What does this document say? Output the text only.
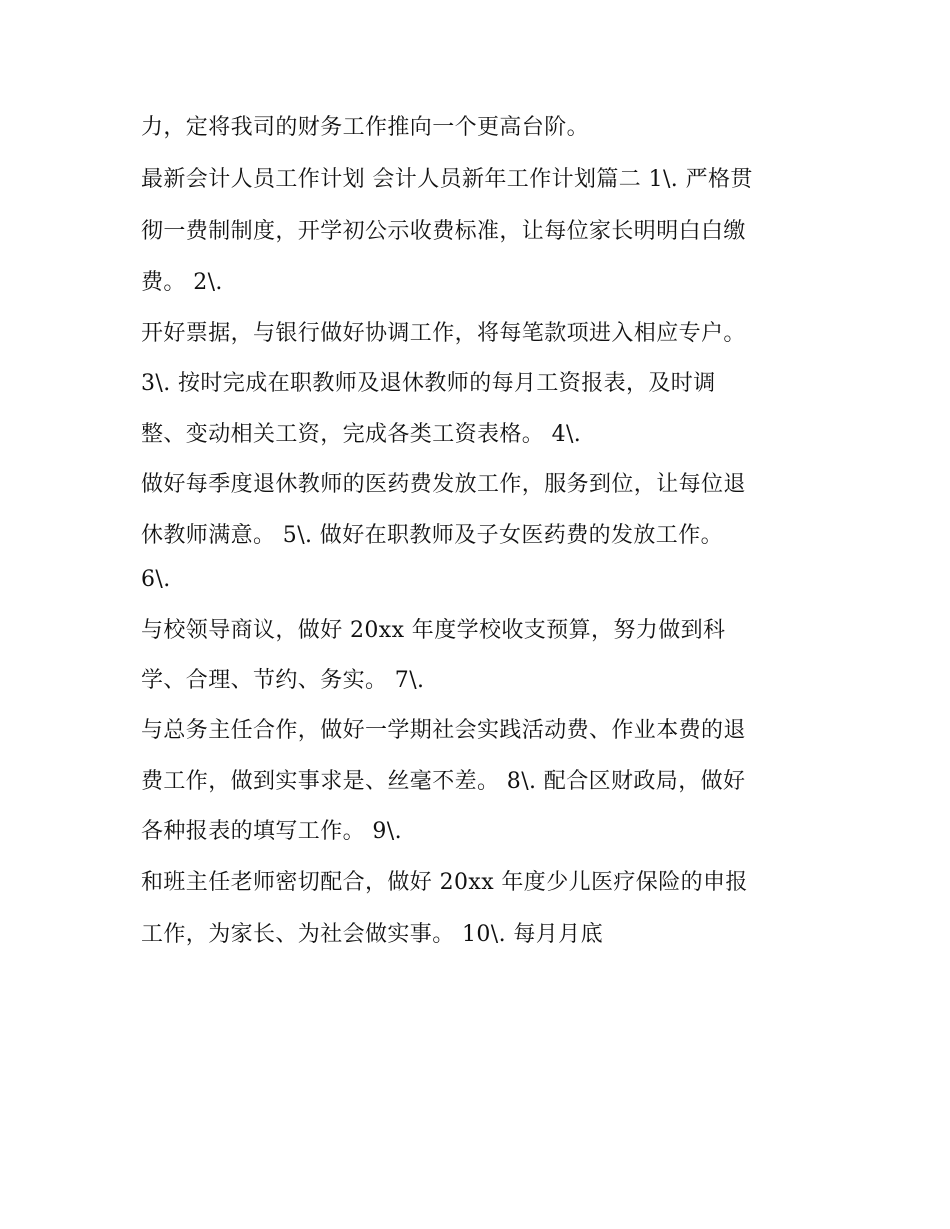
力，定将我司的财务工作推向一个更高台阶。
最新会计人员工作计划 会计人员新年工作计划篇二 1\. 严格贯
彻一费制制度，开学初公示收费标准，让每位家长明明白白缴
费。 2\.
开好票据，与银行做好协调工作，将每笔款项进入相应专户。
3\. 按时完成在职教师及退休教师的每月工资报表，及时调
整、变动相关工资，完成各类工资表格。 4\.
做好每季度退休教师的医药费发放工作，服务到位，让每位退
休教师满意。 5\. 做好在职教师及子女医药费的发放工作。
6\.
与校领导商议，做好 20xx 年度学校收支预算，努力做到科
学、合理、节约、务实。 7\.
与总务主任合作，做好一学期社会实践活动费、作业本费的退
费工作，做到实事求是、丝毫不差。 8\. 配合区财政局，做好
各种报表的填写工作。 9\.
和班主任老师密切配合，做好 20xx 年度少儿医疗保险的申报
工作，为家长、为社会做实事。 10\. 每月月底
